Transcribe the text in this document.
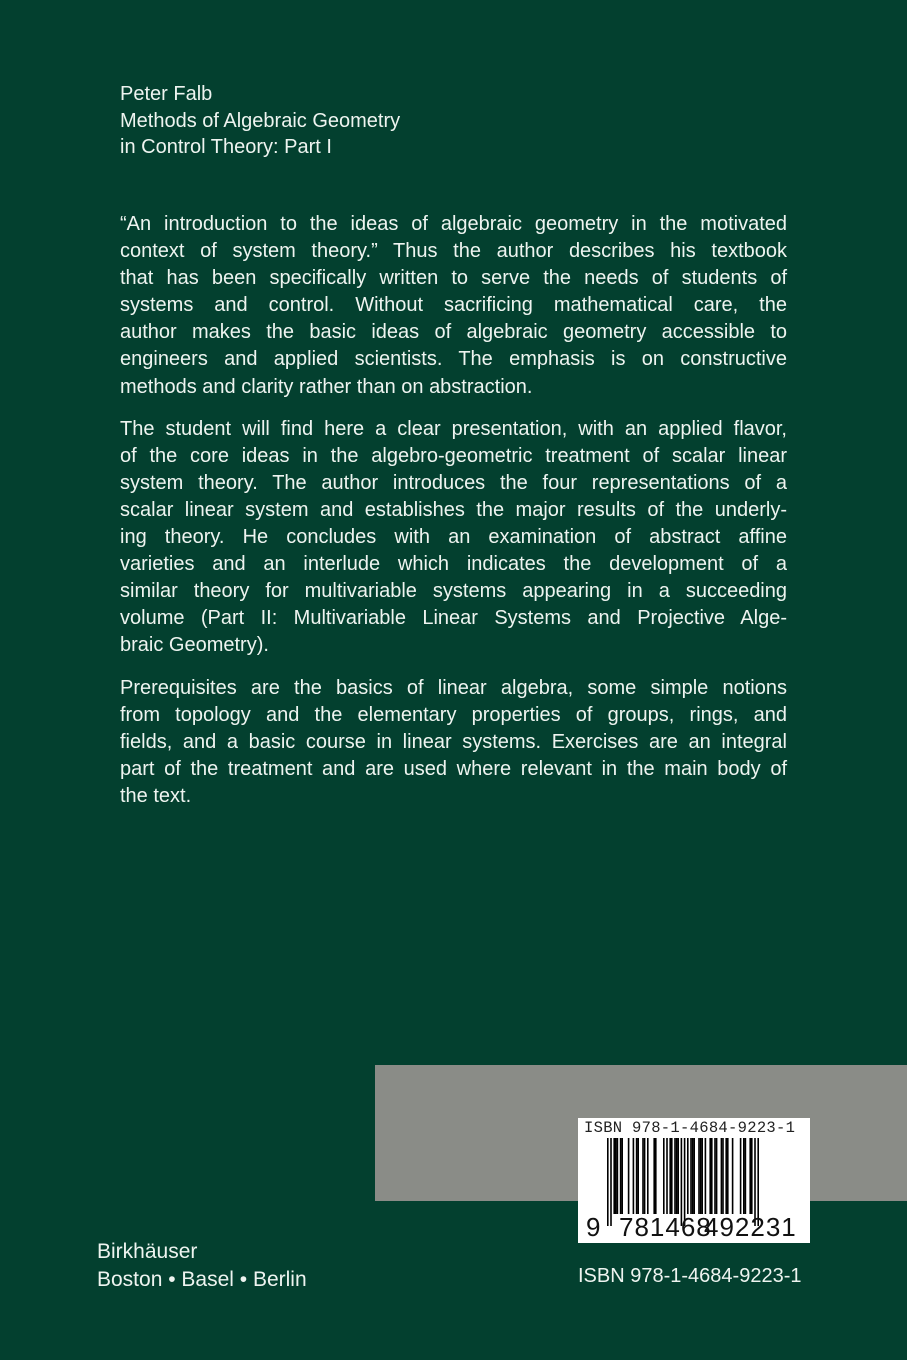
Peter Falb
Methods of Algebraic Geometry
in Control Theory: Part I
“An introduction to the ideas of algebraic geometry in the motivated
context of system theory.” Thus the author describes his textbook
that has been specifically written to serve the needs of students of
systems and control. Without sacrificing mathematical care, the
author makes the basic ideas of algebraic geometry accessible to
engineers and applied scientists. The emphasis is on constructive
methods and clarity rather than on abstraction.
The student will find here a clear presentation, with an applied flavor,
of the core ideas in the algebro-geometric treatment of scalar linear
system theory. The author introduces the four representations of a
scalar linear system and establishes the major results of the underly-
ing theory. He concludes with an examination of abstract affine
varieties and an interlude which indicates the development of a
similar theory for multivariable systems appearing in a succeeding
volume (Part II: Multivariable Linear Systems and Projective Alge-
braic Geometry).
Prerequisites are the basics of linear algebra, some simple notions
from topology and the elementary properties of groups, rings, and
fields, and a basic course in linear systems. Exercises are an integral
part of the treatment and are used where relevant in the main body of
the text.
ISBN 978-1-4684-9223-1
9 781468
492231
Birkhäuser
Boston • Basel • Berlin	ISBN 978-1-4684-9223-1
